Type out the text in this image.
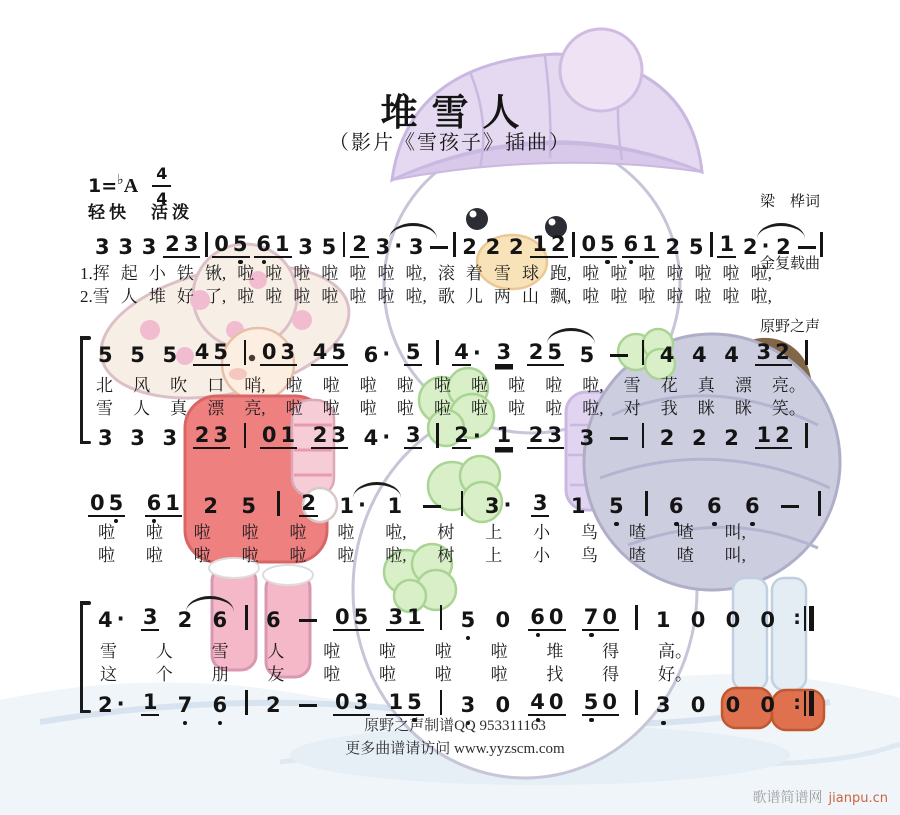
堆雪人
（影片《雪孩子》插曲）
1= ♭ A $\frac{4}{4}$
轻快　活泼

梁　桦词

金复载曲

原野之声

3 3 3 2 3 0 5 6 1 3 5 2 3 · 3 2 2 2 1 2 0 5 6 1 2 5 1 2 · 2
1.挥 起 小 铁 锹, 啦 啦 啦 啦 啦 啦 啦, 滚 着 雪 球 跑, 啦 啦 啦 啦 啦 啦 啦,
2.雪 人 堆 好 了, 啦 啦 啦 啦 啦 啦 啦, 歌 儿 两 山 飘, 啦 啦 啦 啦 啦 啦 啦,
5 5 5 4 5 0 3 4 5 6 · 5 4 · 3 2 5 5	4 4 4 3 2
3 3 3 2 3 0 1 2 3 4 · 3 2 · 1 2 3 3	2 2 2 1 2
北 风 吹 口 哨, 啦 啦 啦 啦 啦 啦 啦 啦 啦, 雪 花 真 漂 亮。
雪 人 真 漂 亮, 啦 啦 啦 啦 啦 啦 啦 啦 啦, 对 我 眯 眯 笑。
0 5 6 1 2 5 2 1 · 1	3 · 3 1 5 6 6 6
啦 啦 啦 啦 啦 啦 啦, 树 上 小 鸟 喳 喳 叫,
啦 啦 啦 啦 啦 啦 啦, 树 上 小 鸟 喳 喳 叫,
4 · 3 2 6 6	0 5 3 1 5 0 6 0 7 0 1 0 0 0 :
2 · 1 7 6 2	0 3 1 5 3 0 4 0 5 0 3 0 0 0 :
雪 人 雪 人 啦 啦 啦 啦 堆 得 高。
这 个 朋 友 啦 啦 啦 啦 找 得 好。
原野之声制谱QQ 953311163
更多曲谱请访问 www.yyzscm.com
歌谱简谱网 jianpu.cn
